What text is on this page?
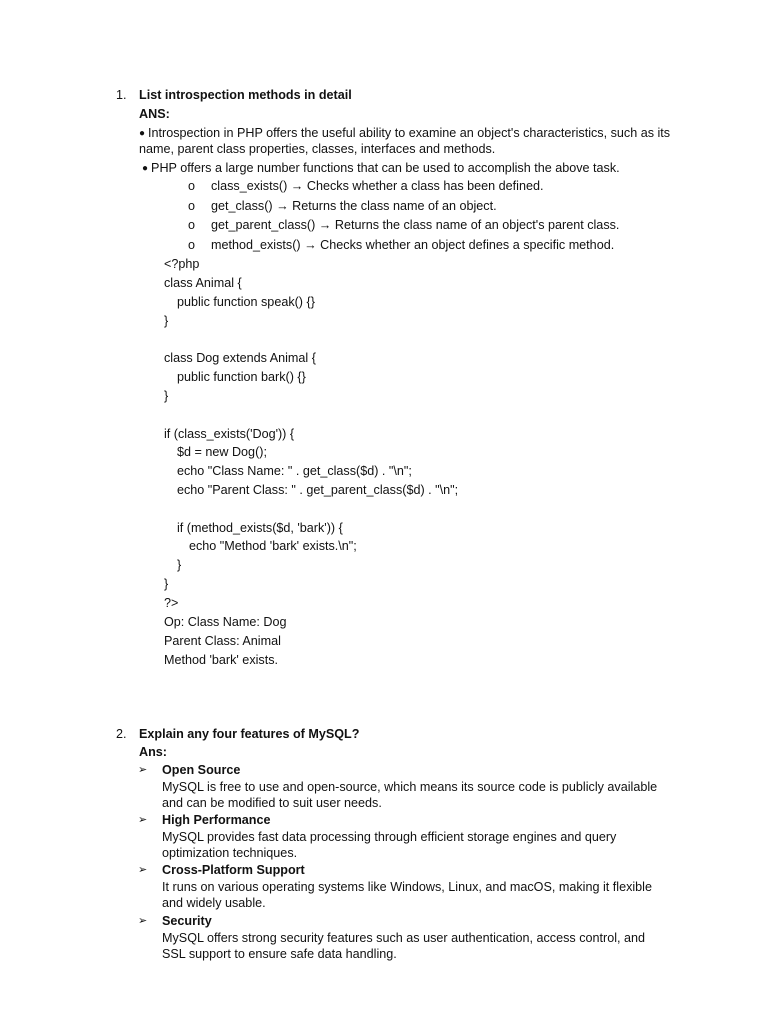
1. List introspection methods in detail
ANS:
● Introspection in PHP offers the useful ability to examine an object's characteristics, such as its
name, parent class properties, classes, interfaces and methods.
● PHP offers a large number functions that can be used to accomplish the above task.
o class_exists() → Checks whether a class has been defined.
o get_class() → Returns the class name of an object.
o get_parent_class() → Returns the class name of an object's parent class.
o method_exists() → Checks whether an object defines a specific method.
<?php
class Animal {
public function speak() {}
}
class Dog extends Animal {
public function bark() {}
}
if (class_exists('Dog')) {
$d = new Dog();
echo "Class Name: " . get_class($d) . "\n";
echo "Parent Class: " . get_parent_class($d) . "\n";
if (method_exists($d, 'bark')) {
echo "Method 'bark' exists.\n";
}
}
?>
Op: Class Name: Dog
Parent Class: Animal
Method 'bark' exists.
2. Explain any four features of MySQL?
Ans:
➢ Open Source
MySQL is free to use and open-source, which means its source code is publicly available
and can be modified to suit user needs.
➢ High Performance
MySQL provides fast data processing through efficient storage engines and query
optimization techniques.
➢ Cross-Platform Support
It runs on various operating systems like Windows, Linux, and macOS, making it flexible
and widely usable.
➢ Security
MySQL offers strong security features such as user authentication, access control, and
SSL support to ensure safe data handling.
